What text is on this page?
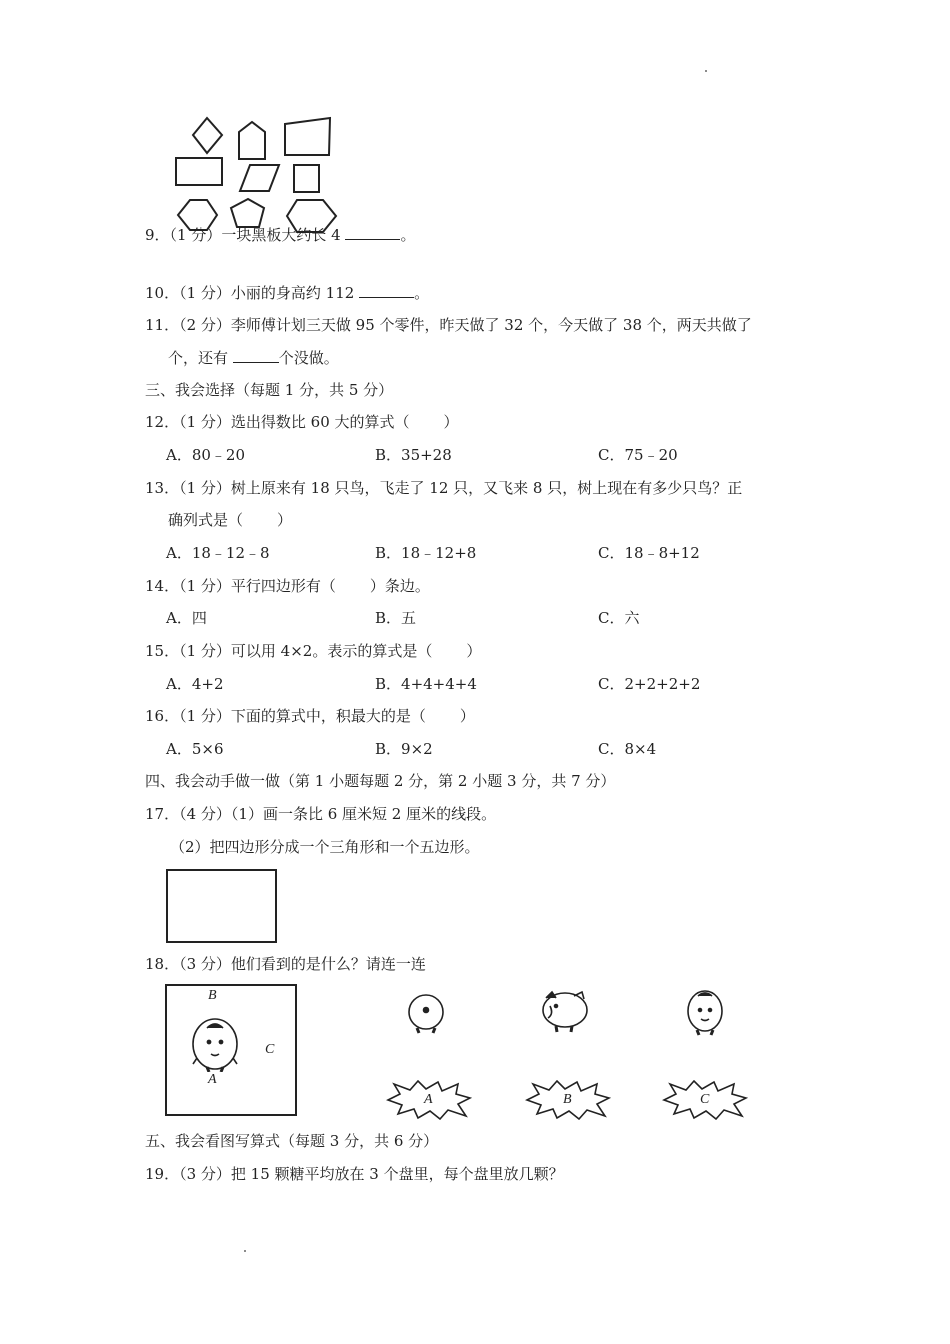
9．（1 分）一块黑板大约长 4	。
10．（1 分）小丽的身高约 112	。
11．（2 分）李师傅计划三天做 95 个零件，昨天做了 32 个，今天做了 38 个，两天共做了
个，还有	个没做。
三、我会选择（每题 1 分，共 5 分）
12．（1 分）选出得数比 60 大的算式（ ）
A．80﹣20	B．35+28	C．75﹣20
13．（1 分）树上原来有 18 只鸟，飞走了 12 只，又飞来 8 只，树上现在有多少只鸟？正
确列式是（ ）
A．18﹣12﹣8	B．18﹣12+8	C．18﹣8+12
14．（1 分）平行四边形有（ ）条边。
A．四	B．五	C．六
15．（1 分）可以用 4×2。表示的算式是（ ）
A．4+2	B．4+4+4+4	C．2+2+2+2
16．（1 分）下面的算式中，积最大的是（ ）
A．5×6	B．9×2	C．8×4
四、我会动手做一做（第 1 小题每题 2 分，第 2 小题 3 分，共 7 分）
17．（4 分）（1）画一条比 6 厘米短 2 厘米的线段。
（2）把四边形分成一个三角形和一个五边形。
18．（3 分）他们看到的是什么？请连一连
B
C
A
A	B	C
五、我会看图写算式（每题 3 分，共 6 分）
19．（3 分）把 15 颗糖平均放在 3 个盘里，每个盘里放几颗？
